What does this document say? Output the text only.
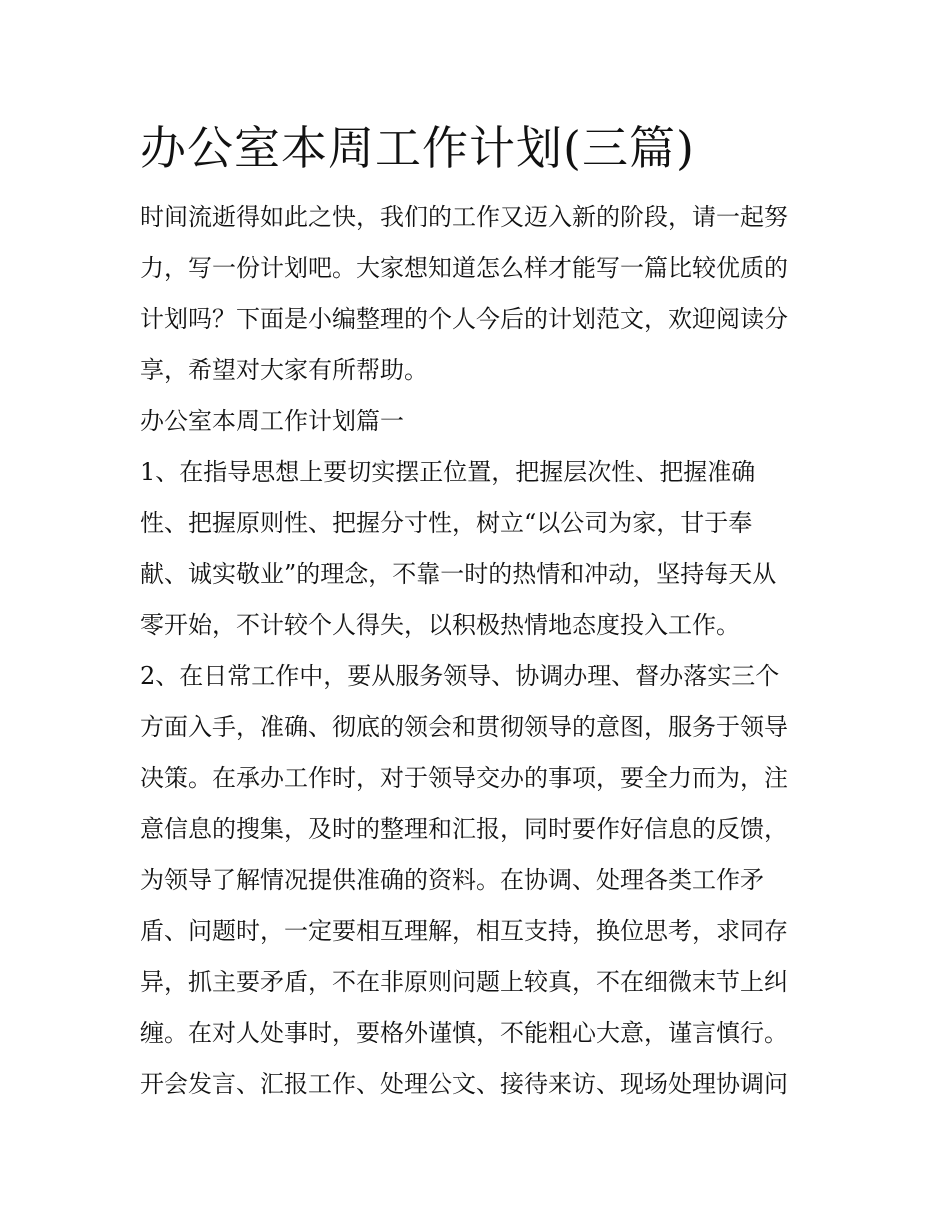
办公室本周工作计划(三篇)
时间流逝得如此之快，我们的工作又迈入新的阶段，请一起努
力，写一份计划吧。大家想知道怎么样才能写一篇比较优质的
计划吗？下面是小编整理的个人今后的计划范文，欢迎阅读分
享，希望对大家有所帮助。
办公室本周工作计划篇一
1、在指导思想上要切实摆正位置，把握层次性、把握准确
性、把握原则性、把握分寸性，树立“以公司为家，甘于奉
献、诚实敬业”的理念，不靠一时的热情和冲动，坚持每天从
零开始，不计较个人得失，以积极热情地态度投入工作。
2、在日常工作中，要从服务领导、协调办理、督办落实三个
方面入手，准确、彻底的领会和贯彻领导的意图，服务于领导
决策。在承办工作时，对于领导交办的事项，要全力而为，注
意信息的搜集，及时的整理和汇报，同时要作好信息的反馈，
为领导了解情况提供准确的资料。在协调、处理各类工作矛
盾、问题时，一定要相互理解，相互支持，换位思考，求同存
异，抓主要矛盾，不在非原则问题上较真，不在细微末节上纠
缠。在对人处事时，要格外谨慎，不能粗心大意，谨言慎行。
开会发言、汇报工作、处理公文、接待来访、现场处理协调问
